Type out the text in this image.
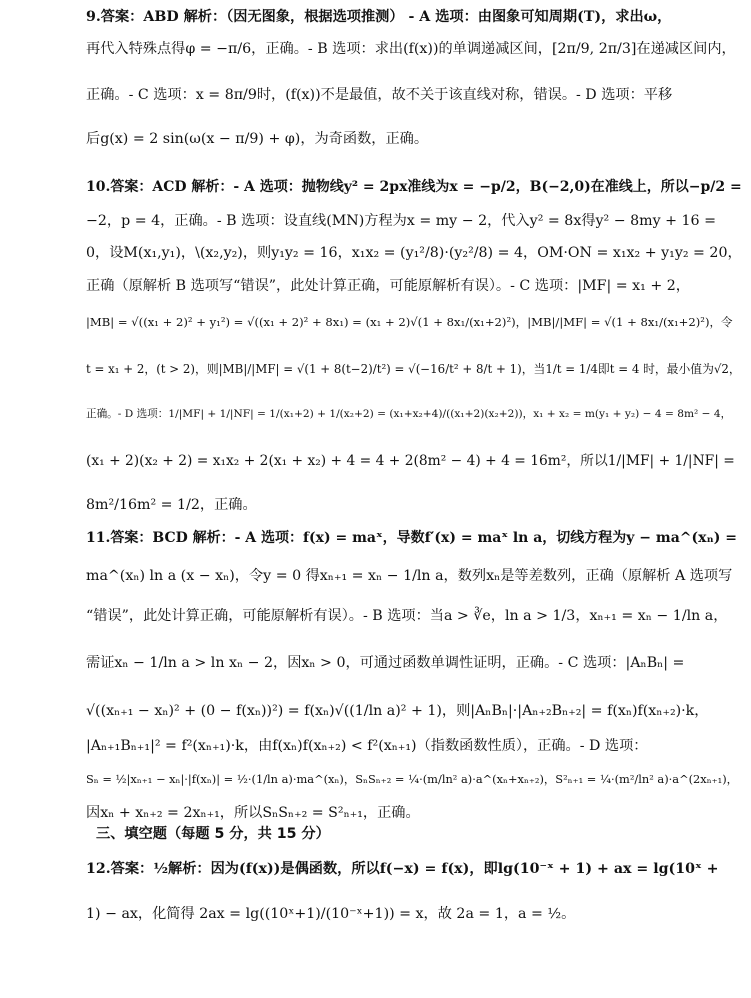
9.答案：ABD 解析：（因无图象，根据选项推测） - A 选项：由图象可知周期(T)，求出ω，
再代入特殊点得φ = −π/6，正确。- B 选项：求出(f(x))的单调递减区间，[2π/9, 2π/3]在递减区间内，
正确。- C 选项：x = 8π/9时，(f(x))不是最值，故不关于该直线对称，错误。- D 选项：平移
后g(x) = 2 sin(ω(x − π/9) + φ)，为奇函数，正确。
10.答案：ACD 解析：- A 选项：抛物线y² = 2px准线为x = −p/2，B(−2,0)在准线上，所以−p/2 =
−2，p = 4，正确。- B 选项：设直线(MN)方程为x = my − 2，代入y² = 8x得y² − 8my + 16 =
0，设M(x₁,y₁)，\(x₂,y₂)，则y₁y₂ = 16，x₁x₂ = (y₁²/8)·(y₂²/8) = 4，OM·ON = x₁x₂ + y₁y₂ = 20，
正确（原解析 B 选项写“错误”，此处计算正确，可能原解析有误）。- C 选项：|MF| = x₁ + 2，
|MB| = √((x₁ + 2)² + y₁²) = √((x₁ + 2)² + 8x₁) = (x₁ + 2)√(1 + 8x₁/(x₁+2)²)，|MB|/|MF| = √(1 + 8x₁/(x₁+2)²)，令
t = x₁ + 2，(t > 2)，则|MB|/|MF| = √(1 + 8(t−2)/t²) = √(−16/t² + 8/t + 1)，当1/t = 1/4即t = 4 时，最小值为√2，
正确。- D 选项：1/|MF| + 1/|NF| = 1/(x₁+2) + 1/(x₂+2) = (x₁+x₂+4)/((x₁+2)(x₂+2))，x₁ + x₂ = m(y₁ + y₂) − 4 = 8m² − 4，
(x₁ + 2)(x₂ + 2) = x₁x₂ + 2(x₁ + x₂) + 4 = 4 + 2(8m² − 4) + 4 = 16m²，所以1/|MF| + 1/|NF| =
8m²/16m² = 1/2，正确。
11.答案：BCD 解析：- A 选项：f(x) = maˣ，导数f′(x) = maˣ ln a，切线方程为y − ma^(xₙ) =
ma^(xₙ) ln a (x − xₙ)，令y = 0 得xₙ₊₁ = xₙ − 1/ln a，数列xₙ是等差数列，正确（原解析 A 选项写
“错误”，此处计算正确，可能原解析有误）。- B 选项：当a > ∛e，ln a > 1/3，xₙ₊₁ = xₙ − 1/ln a，
需证xₙ − 1/ln a > ln xₙ − 2，因xₙ > 0，可通过函数单调性证明，正确。- C 选项：|AₙBₙ| =
√((xₙ₊₁ − xₙ)² + (0 − f(xₙ))²) = f(xₙ)√((1/ln a)² + 1)，则|AₙBₙ|·|Aₙ₊₂Bₙ₊₂| = f(xₙ)f(xₙ₊₂)·k，
|Aₙ₊₁Bₙ₊₁|² = f²(xₙ₊₁)·k，由f(xₙ)f(xₙ₊₂) < f²(xₙ₊₁)（指数函数性质），正确。- D 选项：
Sₙ = ½|xₙ₊₁ − xₙ|·|f(xₙ)| = ½·(1/ln a)·ma^(xₙ)，SₙSₙ₊₂ = ¼·(m/ln² a)·a^(xₙ+xₙ₊₂)，S²ₙ₊₁ = ¼·(m²/ln² a)·a^(2xₙ₊₁)，
因xₙ + xₙ₊₂ = 2xₙ₊₁，所以SₙSₙ₊₂ = S²ₙ₊₁，正确。
三、填空题（每题 5 分，共 15 分）
12.答案：½解析：因为(f(x))是偶函数，所以f(−x) = f(x)，即lg(10⁻ˣ + 1) + ax = lg(10ˣ +
1) − ax，化简得 2ax = lg((10ˣ+1)/(10⁻ˣ+1)) = x，故 2a = 1，a = ½。
